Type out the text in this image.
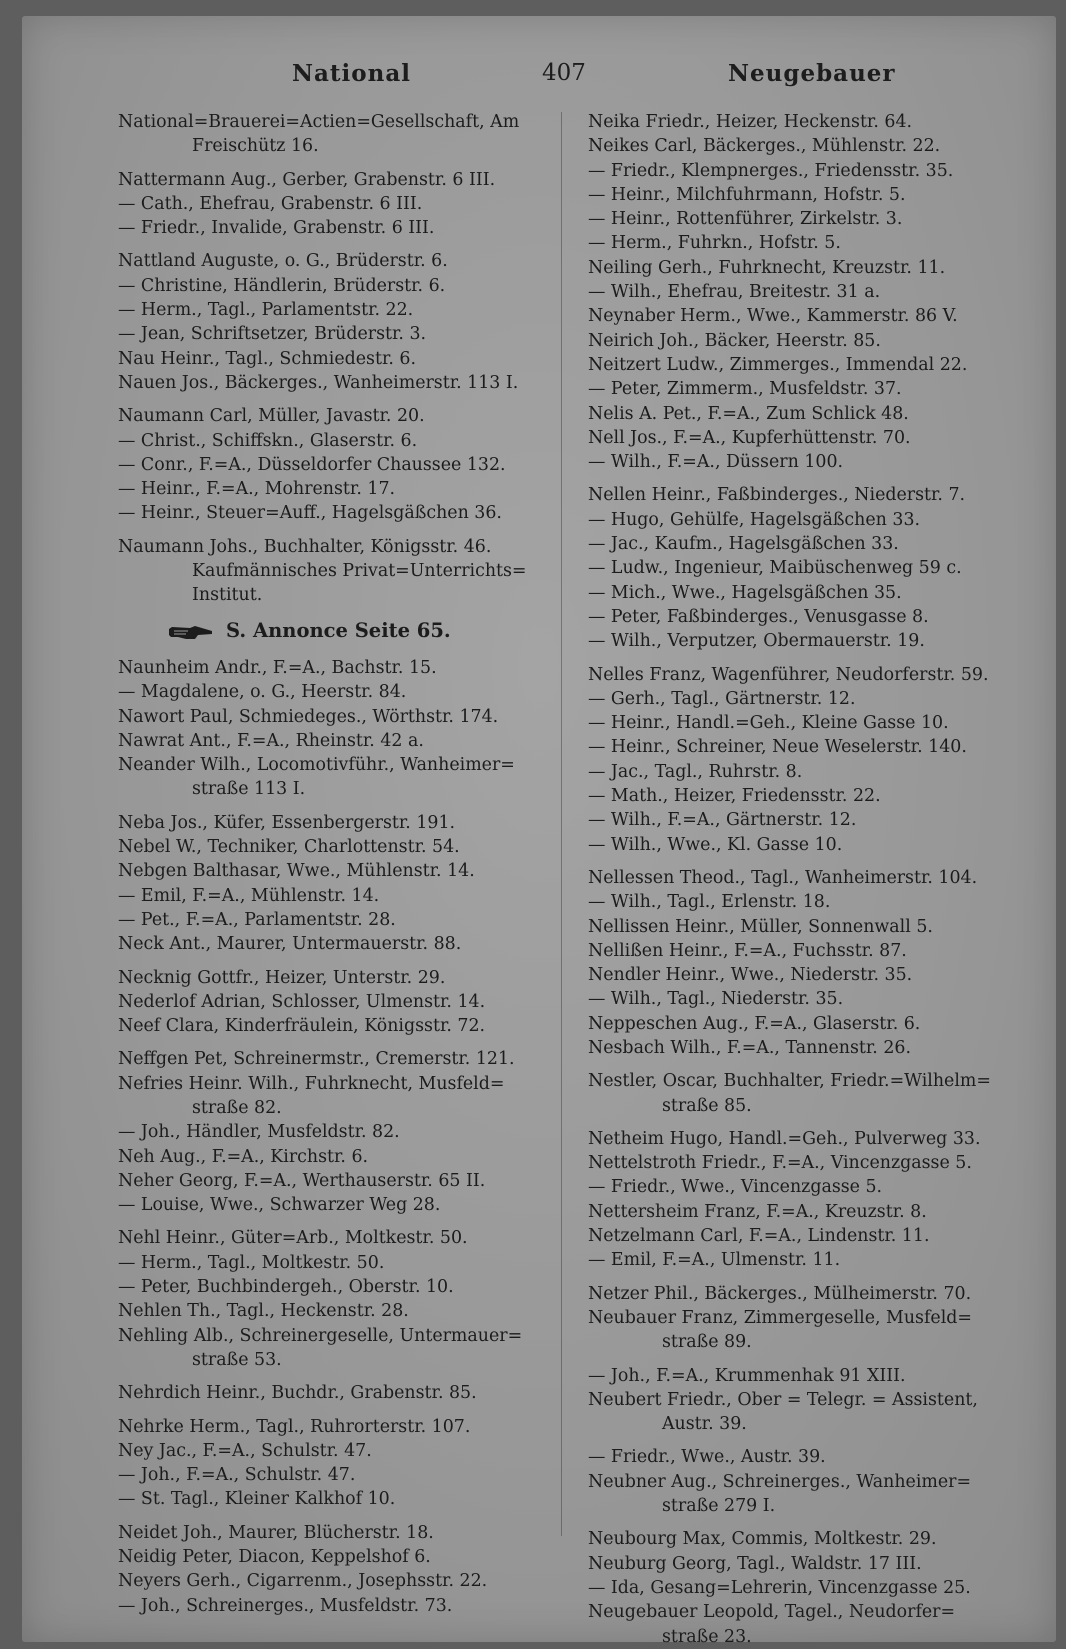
National	407	Neugebauer
National=Brauerei=Actien=Gesellschaft, Am
Freischütz 16.
Nattermann Aug., Gerber, Grabenstr. 6 III.
— Cath., Ehefrau, Grabenstr. 6 III.
— Friedr., Invalide, Grabenstr. 6 III.
Nattland Auguste, o. G., Brüderstr. 6.
— Christine, Händlerin, Brüderstr. 6.
— Herm., Tagl., Parlamentstr. 22.
— Jean, Schriftsetzer, Brüderstr. 3.
Nau Heinr., Tagl., Schmiedestr. 6.
Nauen Jos., Bäckerges., Wanheimerstr. 113 I.
Naumann Carl, Müller, Javastr. 20.
— Christ., Schiffskn., Glaserstr. 6.
— Conr., F.=A., Düsseldorfer Chaussee 132.
— Heinr., F.=A., Mohrenstr. 17.
— Heinr., Steuer=Auff., Hagelsgäßchen 36.
Naumann Johs., Buchhalter, Königsstr. 46.
Kaufmännisches Privat=Unterrichts=
Institut.
S. Annonce Seite 65.
Naunheim Andr., F.=A., Bachstr. 15.
— Magdalene, o. G., Heerstr. 84.
Nawort Paul, Schmiedeges., Wörthstr. 174.
Nawrat Ant., F.=A., Rheinstr. 42 a.
Neander Wilh., Locomotivführ., Wanheimer=
straße 113 I.
Neba Jos., Küfer, Essenbergerstr. 191.
Nebel W., Techniker, Charlottenstr. 54.
Nebgen Balthasar, Wwe., Mühlenstr. 14.
— Emil, F.=A., Mühlenstr. 14.
— Pet., F.=A., Parlamentstr. 28.
Neck Ant., Maurer, Untermauerstr. 88.
Necknig Gottfr., Heizer, Unterstr. 29.
Nederlof Adrian, Schlosser, Ulmenstr. 14.
Neef Clara, Kinderfräulein, Königsstr. 72.
Neffgen Pet, Schreinermstr., Cremerstr. 121.
Nefries Heinr. Wilh., Fuhrknecht, Musfeld=
straße 82.
— Joh., Händler, Musfeldstr. 82.
Neh Aug., F.=A., Kirchstr. 6.
Neher Georg, F.=A., Werthauserstr. 65 II.
— Louise, Wwe., Schwarzer Weg 28.
Nehl Heinr., Güter=Arb., Moltkestr. 50.
— Herm., Tagl., Moltkestr. 50.
— Peter, Buchbindergeh., Oberstr. 10.
Nehlen Th., Tagl., Heckenstr. 28.
Nehling Alb., Schreinergeselle, Untermauer=
straße 53.
Nehrdich Heinr., Buchdr., Grabenstr. 85.
Nehrke Herm., Tagl., Ruhrorterstr. 107.
Ney Jac., F.=A., Schulstr. 47.
— Joh., F.=A., Schulstr. 47.
— St. Tagl., Kleiner Kalkhof 10.
Neidet Joh., Maurer, Blücherstr. 18.
Neidig Peter, Diacon, Keppelshof 6.
Neyers Gerh., Cigarrenm., Josephsstr. 22.
— Joh., Schreinerges., Musfeldstr. 73.
Neika Friedr., Heizer, Heckenstr. 64.
Neikes Carl, Bäckerges., Mühlenstr. 22.
— Friedr., Klempnerges., Friedensstr. 35.
— Heinr., Milchfuhrmann, Hofstr. 5.
— Heinr., Rottenführer, Zirkelstr. 3.
— Herm., Fuhrkn., Hofstr. 5.
Neiling Gerh., Fuhrknecht, Kreuzstr. 11.
— Wilh., Ehefrau, Breitestr. 31 a.
Neynaber Herm., Wwe., Kammerstr. 86 V.
Neirich Joh., Bäcker, Heerstr. 85.
Neitzert Ludw., Zimmerges., Immendal 22.
— Peter, Zimmerm., Musfeldstr. 37.
Nelis A. Pet., F.=A., Zum Schlick 48.
Nell Jos., F.=A., Kupferhüttenstr. 70.
— Wilh., F.=A., Düssern 100.
Nellen Heinr., Faßbinderges., Niederstr. 7.
— Hugo, Gehülfe, Hagelsgäßchen 33.
— Jac., Kaufm., Hagelsgäßchen 33.
— Ludw., Ingenieur, Maibüschenweg 59 c.
— Mich., Wwe., Hagelsgäßchen 35.
— Peter, Faßbinderges., Venusgasse 8.
— Wilh., Verputzer, Obermauerstr. 19.
Nelles Franz, Wagenführer, Neudorferstr. 59.
— Gerh., Tagl., Gärtnerstr. 12.
— Heinr., Handl.=Geh., Kleine Gasse 10.
— Heinr., Schreiner, Neue Weselerstr. 140.
— Jac., Tagl., Ruhrstr. 8.
— Math., Heizer, Friedensstr. 22.
— Wilh., F.=A., Gärtnerstr. 12.
— Wilh., Wwe., Kl. Gasse 10.
Nellessen Theod., Tagl., Wanheimerstr. 104.
— Wilh., Tagl., Erlenstr. 18.
Nellissen Heinr., Müller, Sonnenwall 5.
Nellißen Heinr., F.=A., Fuchsstr. 87.
Nendler Heinr., Wwe., Niederstr. 35.
— Wilh., Tagl., Niederstr. 35.
Neppeschen Aug., F.=A., Glaserstr. 6.
Nesbach Wilh., F.=A., Tannenstr. 26.
Nestler, Oscar, Buchhalter, Friedr.=Wilhelm=
straße 85.
Netheim Hugo, Handl.=Geh., Pulverweg 33.
Nettelstroth Friedr., F.=A., Vincenzgasse 5.
— Friedr., Wwe., Vincenzgasse 5.
Nettersheim Franz, F.=A., Kreuzstr. 8.
Netzelmann Carl, F.=A., Lindenstr. 11.
— Emil, F.=A., Ulmenstr. 11.
Netzer Phil., Bäckerges., Mülheimerstr. 70.
Neubauer Franz, Zimmergeselle, Musfeld=
straße 89.
— Joh., F.=A., Krummenhak 91 XIII.
Neubert Friedr., Ober = Telegr. = Assistent,
Austr. 39.
— Friedr., Wwe., Austr. 39.
Neubner Aug., Schreinerges., Wanheimer=
straße 279 I.
Neubourg Max, Commis, Moltkestr. 29.
Neuburg Georg, Tagl., Waldstr. 17 III.
— Ida, Gesang=Lehrerin, Vincenzgasse 25.
Neugebauer Leopold, Tagel., Neudorfer=
straße 23.
